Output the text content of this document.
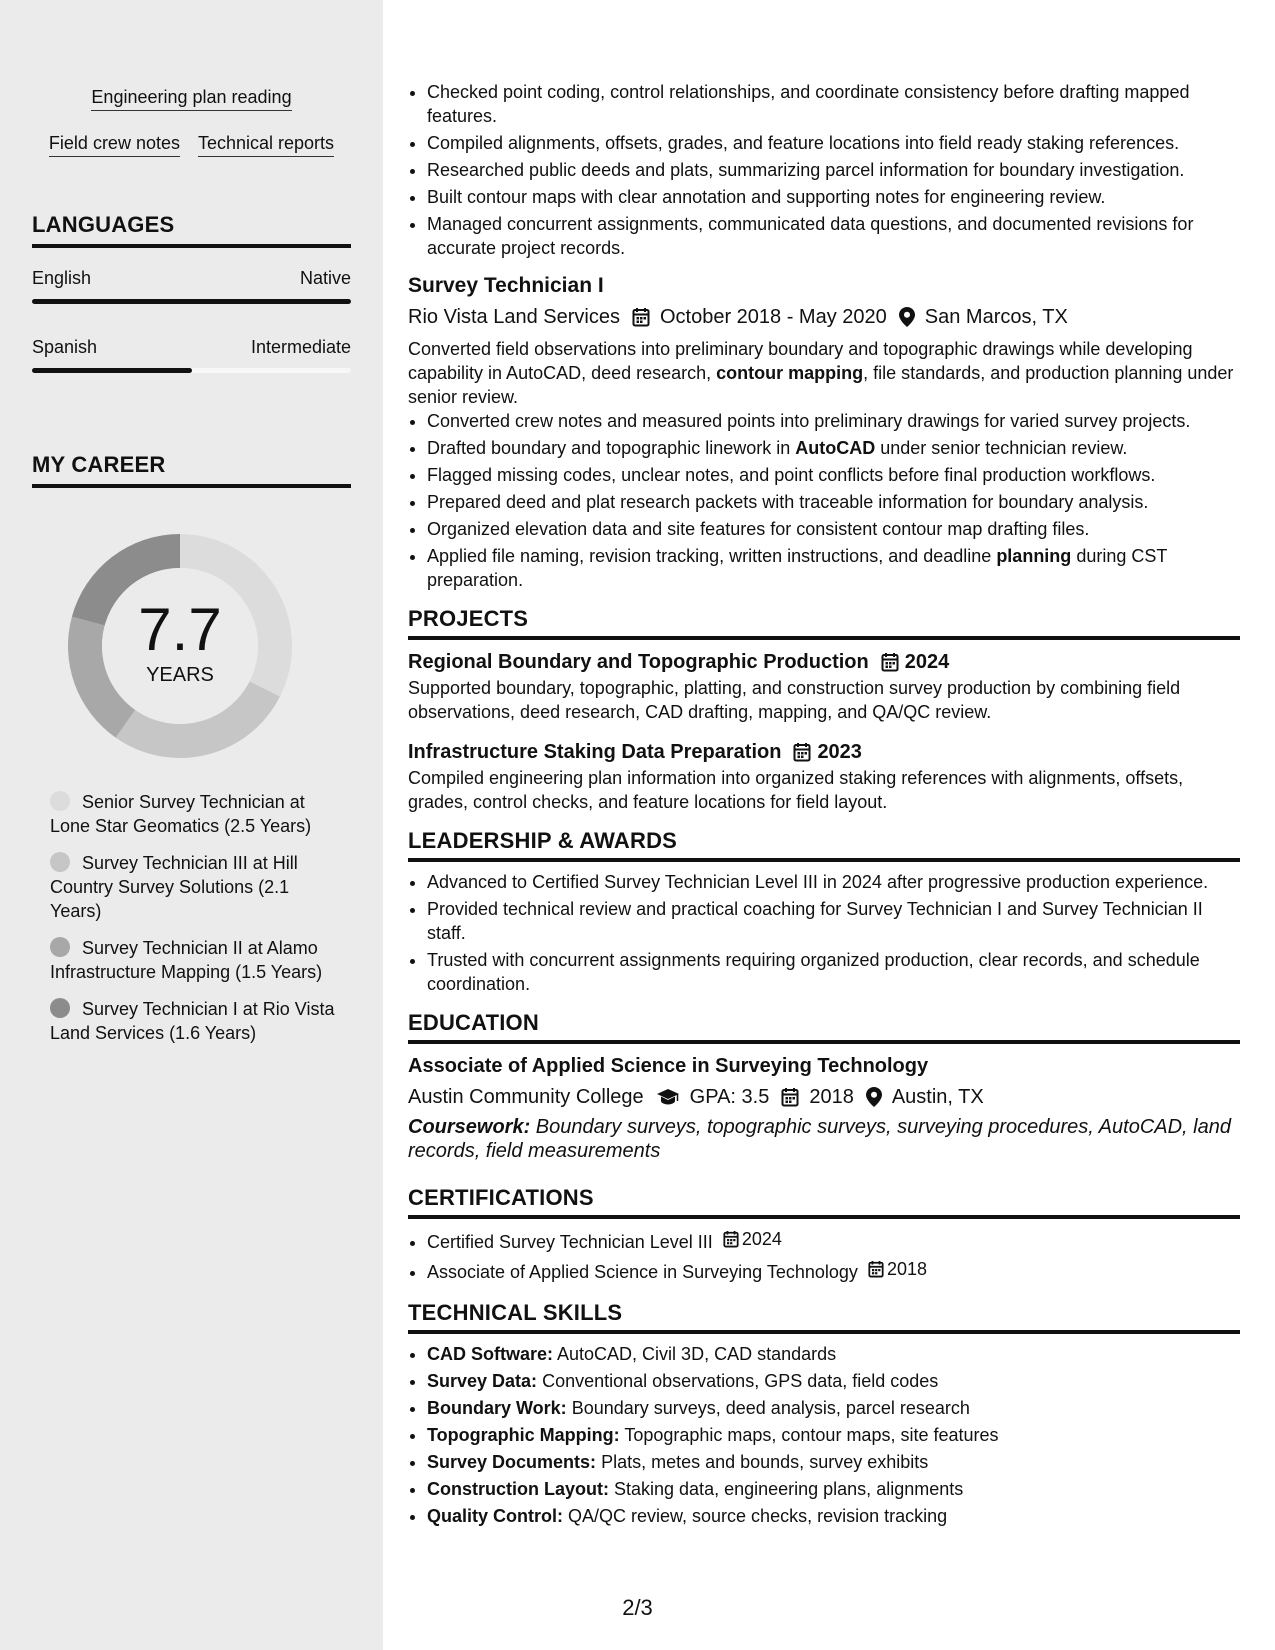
Engineering plan reading
Field crew notes Technical reports
LANGUAGES
English	Native
Spanish	Intermediate
MY CAREER
7.7
YEARS
Senior Survey Technician at Lone Star Geomatics (2.5 Years)
Survey Technician III at Hill Country Survey Solutions (2.1 Years)
Survey Technician II at Alamo Infrastructure Mapping (1.5 Years)
Survey Technician I at Rio Vista Land Services (1.6 Years)
• Checked point coding, control relationships, and coordinate consistency before drafting mapped features.
• Compiled alignments, offsets, grades, and feature locations into field ready staking references.
• Researched public deeds and plats, summarizing parcel information for boundary investigation.
• Built contour maps with clear annotation and supporting notes for engineering review.
• Managed concurrent assignments, communicated data questions, and documented revisions for accurate project records.
Survey Technician I
Rio Vista Land Services October 2018 - May 2020 San Marcos, TX
Converted field observations into preliminary boundary and topographic drawings while developing capability in AutoCAD, deed research, contour mapping, file standards, and production planning under senior review.
• Converted crew notes and measured points into preliminary drawings for varied survey projects.
• Drafted boundary and topographic linework in AutoCAD under senior technician review.
• Flagged missing codes, unclear notes, and point conflicts before final production workflows.
• Prepared deed and plat research packets with traceable information for boundary analysis.
• Organized elevation data and site features for consistent contour map drafting files.
• Applied file naming, revision tracking, written instructions, and deadline planning during CST preparation.
PROJECTS
Regional Boundary and Topographic Production 2024
Supported boundary, topographic, platting, and construction survey production by combining field observations, deed research, CAD drafting, mapping, and QA/QC review.
Infrastructure Staking Data Preparation 2023
Compiled engineering plan information into organized staking references with alignments, offsets, grades, control checks, and feature locations for field layout.
LEADERSHIP & AWARDS
• Advanced to Certified Survey Technician Level III in 2024 after progressive production experience.
• Provided technical review and practical coaching for Survey Technician I and Survey Technician II staff.
• Trusted with concurrent assignments requiring organized production, clear records, and schedule coordination.
EDUCATION
Associate of Applied Science in Surveying Technology
Austin Community College GPA: 3.5 2018 Austin, TX
Coursework: Boundary surveys, topographic surveys, surveying procedures, AutoCAD, land records, field measurements
CERTIFICATIONS
• Certified Survey Technician Level III 2024
• Associate of Applied Science in Surveying Technology 2018
TECHNICAL SKILLS
• CAD Software: AutoCAD, Civil 3D, CAD standards
• Survey Data: Conventional observations, GPS data, field codes
• Boundary Work: Boundary surveys, deed analysis, parcel research
• Topographic Mapping: Topographic maps, contour maps, site features
• Survey Documents: Plats, metes and bounds, survey exhibits
• Construction Layout: Staking data, engineering plans, alignments
• Quality Control: QA/QC review, source checks, revision tracking
2/3
